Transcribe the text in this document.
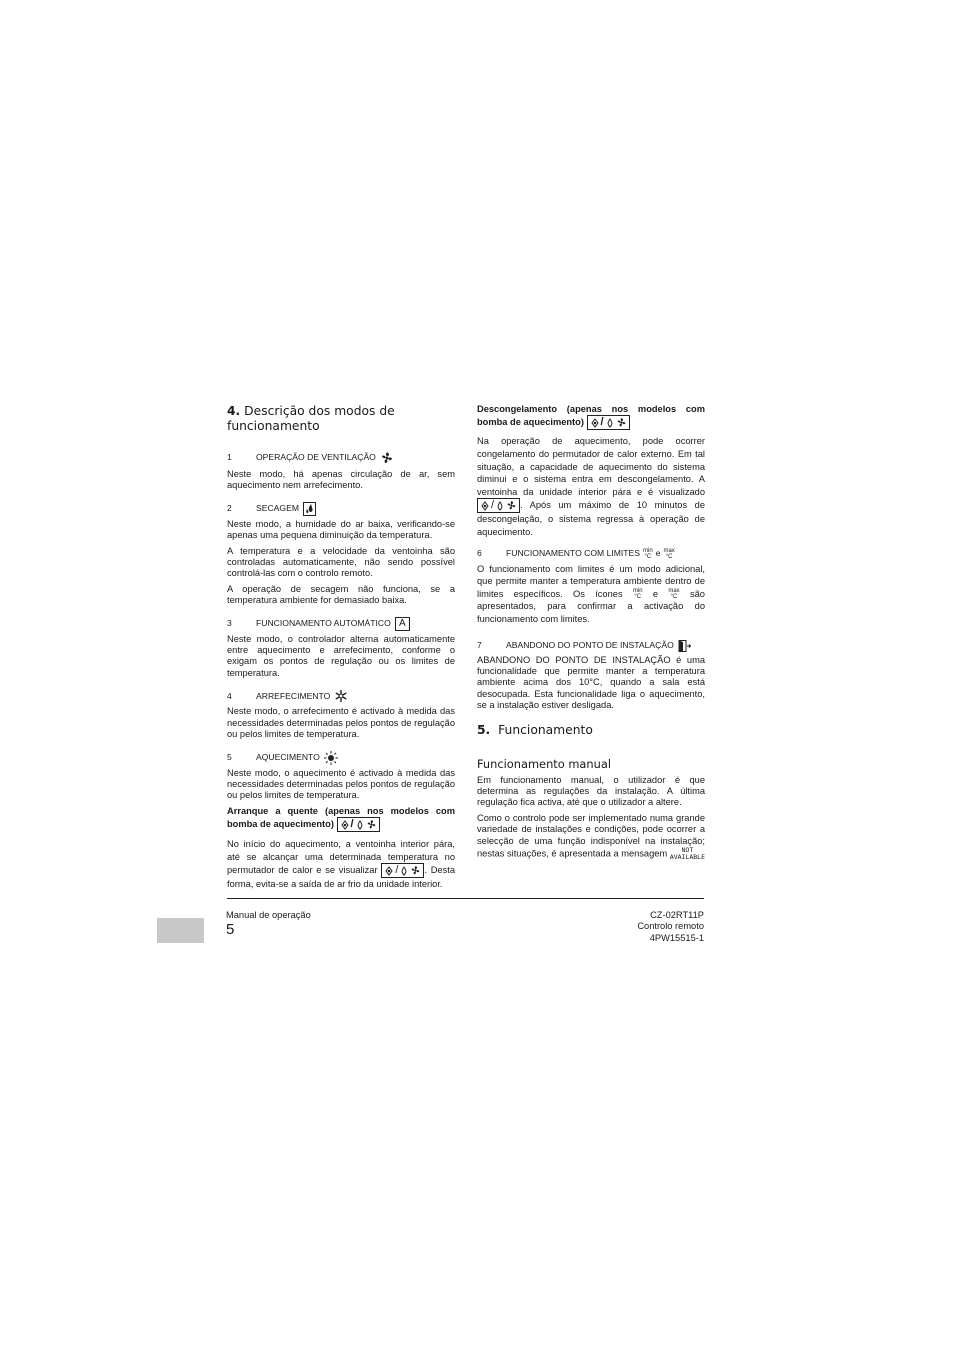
4. Descrição dos modos de funcionamento
1	OPERAÇÃO DE VENTILAÇÃO

Neste modo, há apenas circulação de ar, sem aquecimento nem arrefecimento.

2	SECAGEM

Neste modo, a humidade do ar baixa, verificando-se apenas uma pequena diminuição da temperatura.

A temperatura e a velocidade da ventoinha são controladas automaticamente, não sendo possível controlá-las com o controlo remoto.

A operação de secagem não funciona, se a temperatura ambiente for demasiado baixa.

3	FUNCIONAMENTO AUTOMÁTICO A

Neste modo, o controlador alterna automaticamente entre aquecimento e arrefecimento, conforme o exigam os pontos de regulação ou os limites de temperatura.

4	ARREFECIMENTO

Neste modo, o arrefecimento é activado à medida das necessidades determinadas pelos pontos de regulação ou pelos limites de temperatura.

5	AQUECIMENTO

Neste modo, o aquecimento é activado à medida das necessidades determinadas pelos pontos de regulação ou pelos limites de temperatura.

Arranque a quente (apenas nos modelos com bomba de aquecimento) /

No início do aquecimento, a ventoinha interior pára, até se alcançar uma determinada temperatura no permutador de calor e se visualizar /	. Desta forma, evita-se a saída de ar frio da unidade interior.

Descongelamento (apenas nos modelos com bomba de aquecimento) /

Na operação de aquecimento, pode ocorrer congelamento do permutador de calor externo. Em tal situação, a capacidade de aquecimento do sistema diminui e o sistema entra em descongelamento. A ventoinha da unidade interior pára e é visualizado
/	. Após um máximo de 10 minutos de descongelação, o sistema regressa à operação de aquecimento.

6	FUNCIONAMENTO COM LIMITES min
°C e max
°C

O funcionamento com limites é um modo adicional, que permite manter a temperatura ambiente dentro de limites específicos. Os ícones min
°C e max
°C são apresentados, para confirmar a activação do funcionamento com limites.

7	ABANDONO DO PONTO DE INSTALAÇÃO

ABANDONO DO PONTO DE INSTALAÇÃO é uma funcionalidade que permite manter a temperatura ambiente acima dos 10°C, quando a sala está desocupada. Esta funcionalidade liga o aquecimento, se a instalação estiver desligada.

5. Funcionamento
Funcionamento manual

Em funcionamento manual, o utilizador é que determina as regulações da instalação. A última regulação fica activa, até que o utilizador a altere.

Como o controlo pode ser implementado numa grande variedade de instalações e condições, pode ocorrer a selecção de uma função indisponível na instalação; nestas situações, é apresentada a mensagem NOT
AVAILABLE

Manual de operação
5
CZ-02RT11P
Controlo remoto
4PW15515-1
